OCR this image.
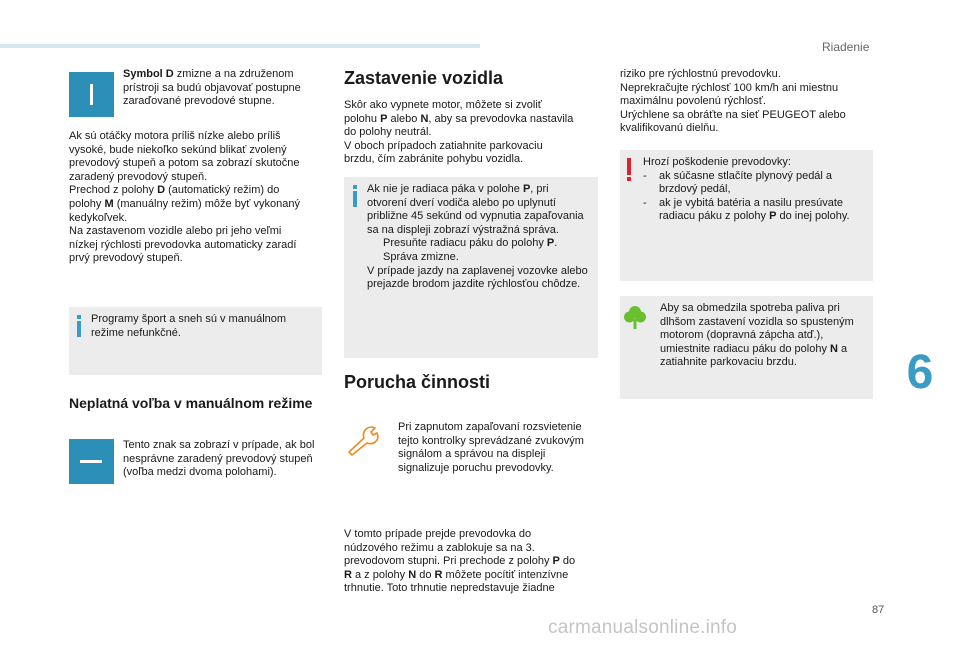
Riadenie
6
87
carmanualsonline.info
Symbol D zmizne a na združenom prístroji sa budú objavovať postupne zaraďované prevodové stupne.
Ak sú otáčky motora príliš nízke alebo príliš
vysoké, bude niekoľko sekúnd blikať zvolený
prevodový stupeň a potom sa zobrazí skutočne
zaradený prevodový stupeň.
Prechod z polohy D (automatický režim) do
polohy M (manuálny režim) môže byť vykonaný
kedykoľvek.
Na zastavenom vozidle alebo pri jeho veľmi
nízkej rýchlosti prevodovka automaticky zaradí
prvý prevodový stupeň.
Programy šport a sneh sú v manuálnom režime nefunkčné.
Neplatná voľba v manuálnom režime
Tento znak sa zobrazí v prípade, ak bol nesprávne zaradený prevodový stupeň (voľba medzi dvoma polohami).
Zastavenie vozidla
Skôr ako vypnete motor, môžete si zvoliť
polohu P alebo N, aby sa prevodovka nastavila
do polohy neutrál.
V oboch prípadoch zatiahnite parkovaciu
brzdu, čím zabránite pohybu vozidla.
Ak nie je radiaca páka v polohe P, pri
otvorení dverí vodiča alebo po uplynutí približne 45 sekúnd od vypnutia zapaľovania sa na displeji zobrazí výstražná správa.
Presuňte radiacu páku do polohy P.
Správa zmizne.
V prípade jazdy na zaplavenej vozovke alebo prejazde brodom jazdite rýchlosťou chôdze.
Porucha činnosti
Pri zapnutom zapaľovaní rozsvietenie tejto kontrolky sprevádzané zvukovým signálom a správou na displeji signalizuje poruchu prevodovky.
V tomto prípade prejde prevodovka do
núdzového režimu a zablokuje sa na 3.
prevodovom stupni. Pri prechode z polohy P do
R a z polohy N do R môžete pocítiť intenzívne
trhnutie. Toto trhnutie nepredstavuje žiadne
riziko pre rýchlostnú prevodovku.
Neprekračujte rýchlosť 100 km/h ani miestnu
maximálnu povolenú rýchlosť.
Urýchlene sa obráťte na sieť PEUGEOT alebo
kvalifikovanú dielňu.
Hrozí poškodenie prevodovky:
-	ak súčasne stlačíte plynový pedál a brzdový pedál,
-	ak je vybitá batéria a nasilu presúvate radiacu páku z polohy P do inej polohy.
Aby sa obmedzila spotreba paliva pri dlhšom zastavení vozidla so spusteným motorom (dopravná zápcha atď.), umiestnite radiacu páku do polohy N a zatiahnite parkovaciu brzdu.
